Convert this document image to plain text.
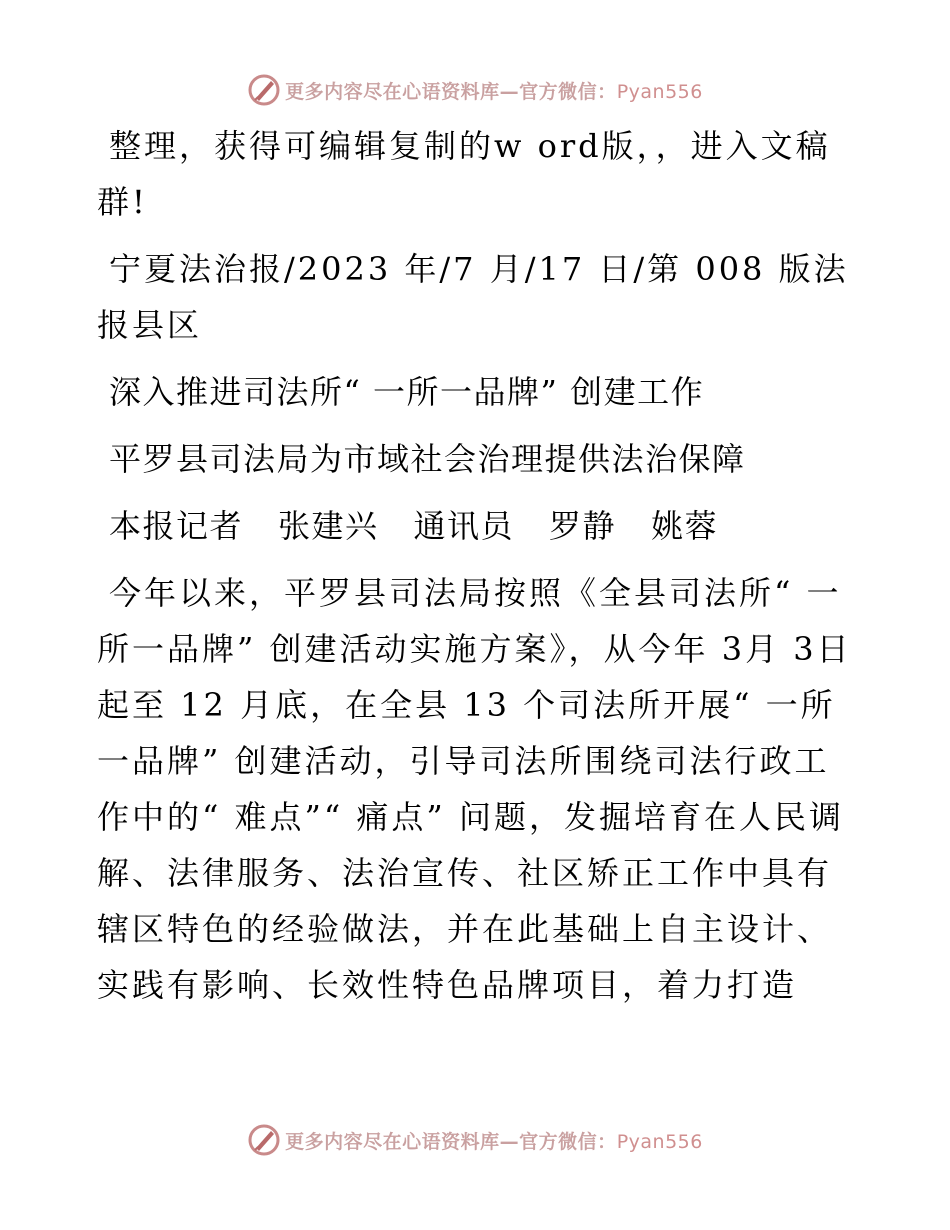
更多内容尽在心语资料库—官方微信：Pyan556

整理，获得可编辑复制的w ord版，，进入文稿群!

宁夏法治报/2023 年/7 月/17 日/第 008 版法报县区

深入推进司法所“ 一所一品牌” 创建工作

平罗县司法局为市域社会治理提供法治保障

本报记者   张建兴   通讯员   罗静   姚蓉

今年以来，平罗县司法局按照《全县司法所“ 一所一品牌” 创建活动实施方案》，从今年 3月 3日起至 12 月底，在全县 13 个司法所开展“ 一所一品牌” 创建活动，引导司法所围绕司法行政工作中的“ 难点”“ 痛点” 问题，发掘培育在人民调解、法律服务、法治宣传、社区矫正工作中具有辖区特色的经验做法，并在此基础上自主设计、实践有影响、长效性特色品牌项目，着力打造

更多内容尽在心语资料库—官方微信：Pyan556
